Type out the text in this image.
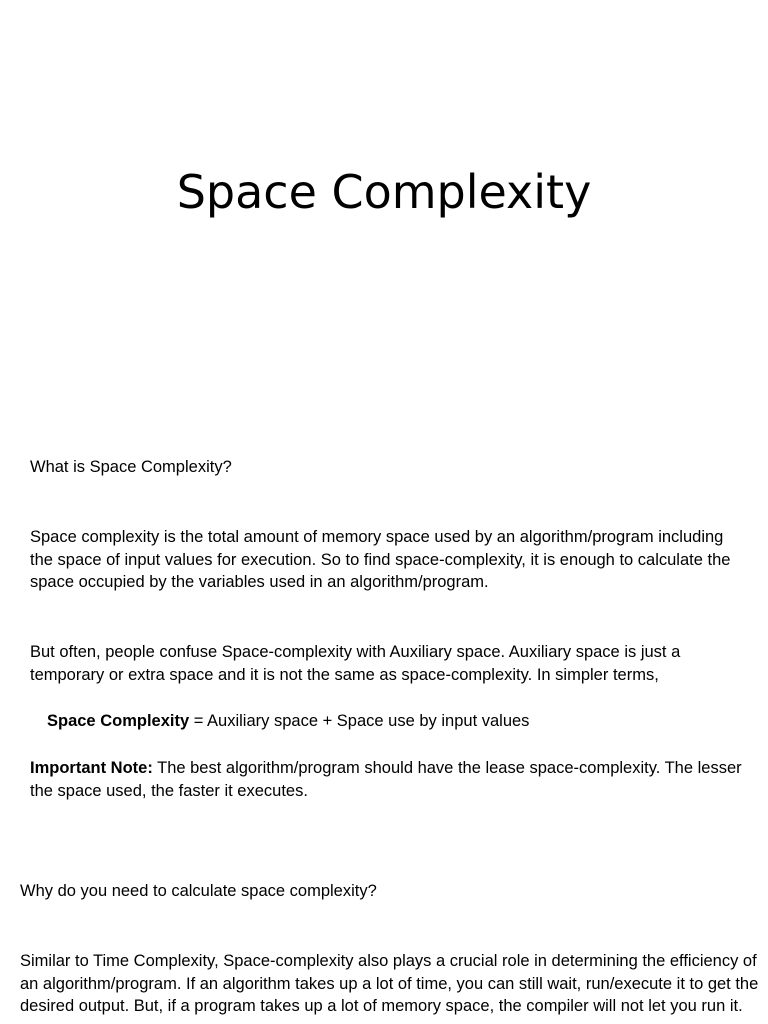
Space Complexity

What is Space Complexity?

Space complexity is the total amount of memory space used by an algorithm/program including the space of input values for execution. So to find space-complexity, it is enough to calculate the space occupied by the variables used in an algorithm/program.

But often, people confuse Space-complexity with Auxiliary space. Auxiliary space is just a temporary or extra space and it is not the same as space-complexity. In simpler terms,

Space Complexity = Auxiliary space + Space use by input values

Important Note: The best algorithm/program should have the lease space-complexity. The lesser the space used, the faster it executes.

Why do you need to calculate space complexity?

Similar to Time Complexity, Space-complexity also plays a crucial role in determining the efficiency of an algorithm/program. If an algorithm takes up a lot of time, you can still wait, run/execute it to get the desired output. But, if a program takes up a lot of memory space, the compiler will not let you run it.
